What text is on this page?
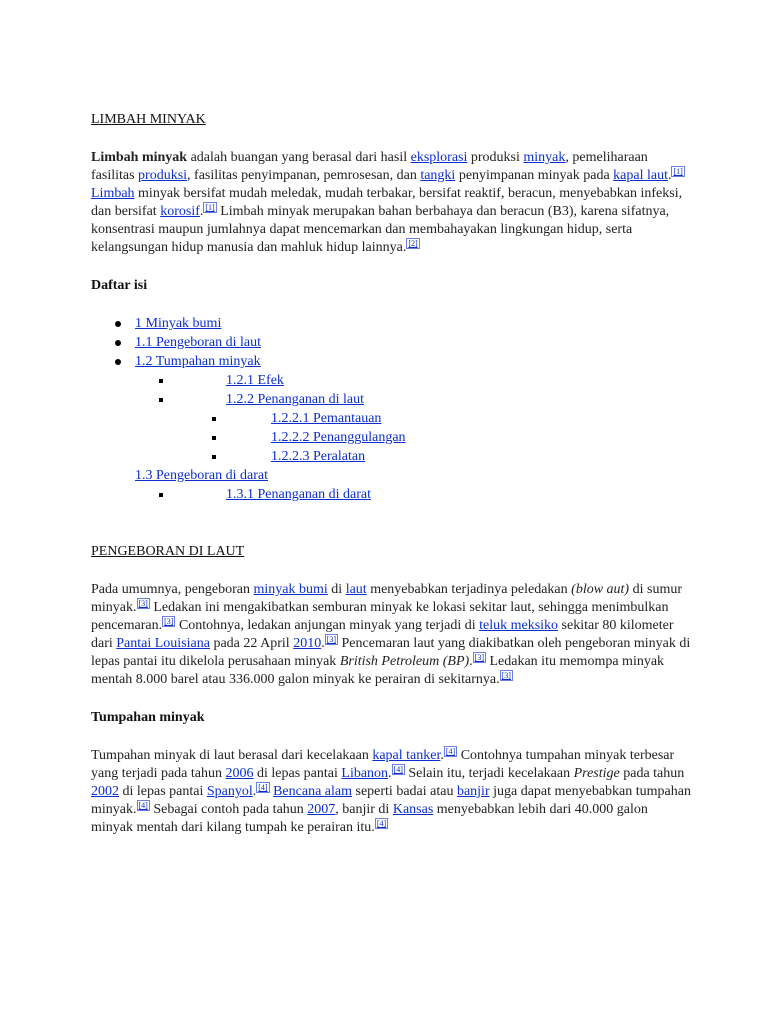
LIMBAH MINYAK

Limbah minyak adalah buangan yang berasal dari hasil eksplorasi produksi minyak, pemeliharaan fasilitas produksi, fasilitas penyimpanan, pemrosesan, dan tangki penyimpanan minyak pada kapal laut. [1] Limbah minyak bersifat mudah meledak, mudah terbakar, bersifat reaktif, beracun, menyebabkan infeksi, dan bersifat korosif. [1] Limbah minyak merupakan bahan berbahaya dan beracun (B3), karena sifatnya, konsentrasi maupun jumlahnya dapat mencemarkan dan membahayakan lingkungan hidup, serta kelangsungan hidup manusia dan mahluk hidup lainnya. [2]

Daftar isi
1 Minyak bumi
1.1 Pengeboran di laut
1.2 Tumpahan minyak
1.2.1 Efek
1.2.2 Penanganan di laut
1.2.2.1 Pemantauan
1.2.2.2 Penanggulangan
1.2.2.3 Peralatan
1.3 Pengeboran di darat
1.3.1 Penanganan di darat
PENGEBORAN DI LAUT

Pada umumnya, pengeboran minyak bumi di laut menyebabkan terjadinya peledakan (blow aut) di sumur minyak. [3] Ledakan ini mengakibatkan semburan minyak ke lokasi sekitar laut, sehingga menimbulkan pencemaran. [3] Contohnya, ledakan anjungan minyak yang terjadi di teluk meksiko sekitar 80 kilometer dari Pantai Louisiana pada 22 April 2010. [3] Pencemaran laut yang diakibatkan oleh pengeboran minyak di lepas pantai itu dikelola perusahaan minyak British Petroleum (BP). [3] Ledakan itu memompa minyak mentah 8.000 barel atau 336.000 galon minyak ke perairan di sekitarnya. [3]

Tumpahan minyak

Tumpahan minyak di laut berasal dari kecelakaan kapal tanker. [4] Contohnya tumpahan minyak terbesar yang terjadi pada tahun 2006 di lepas pantai Libanon. [4] Selain itu, terjadi kecelakaan Prestige pada tahun 2002 di lepas pantai Spanyol. [4] Bencana alam seperti badai atau banjir juga dapat menyebabkan tumpahan minyak. [4] Sebagai contoh pada tahun 2007, banjir di Kansas menyebabkan lebih dari 40.000 galon minyak mentah dari kilang tumpah ke perairan itu. [4]
